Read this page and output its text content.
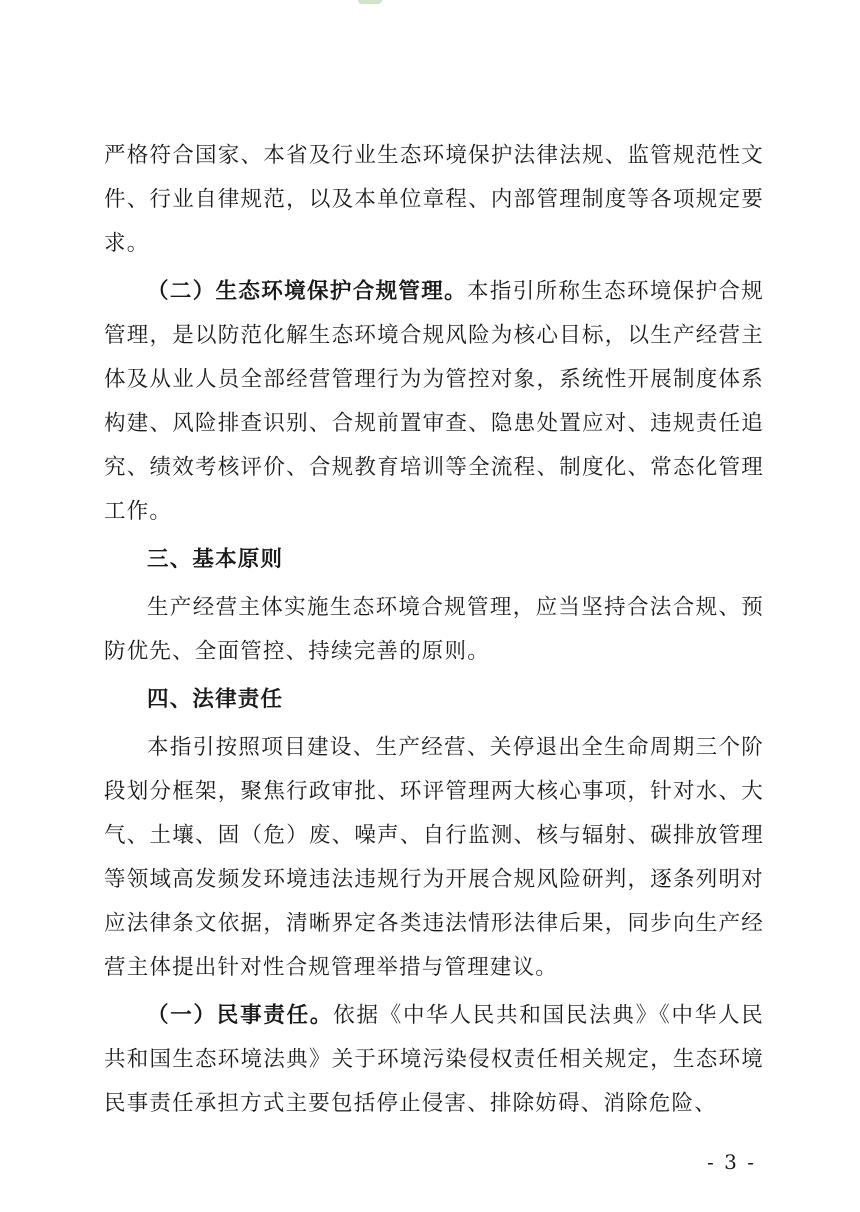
严格符合国家、本省及行业生态环境保护法律法规、监管规范性文件、行业自律规范，以及本单位章程、内部管理制度等各项规定要求。

（二）生态环境保护合规管理。本指引所称生态环境保护合规管理，是以防范化解生态环境合规风险为核心目标，以生产经营主体及从业人员全部经营管理行为为管控对象，系统性开展制度体系构建、风险排查识别、合规前置审查、隐患处置应对、违规责任追究、绩效考核评价、合规教育培训等全流程、制度化、常态化管理工作。

三、基本原则

生产经营主体实施生态环境合规管理，应当坚持合法合规、预防优先、全面管控、持续完善的原则。

四、法律责任

本指引按照项目建设、生产经营、关停退出全生命周期三个阶段划分框架，聚焦行政审批、环评管理两大核心事项，针对水、大气、土壤、固（危）废、噪声、自行监测、核与辐射、碳排放管理等领域高发频发环境违法违规行为开展合规风险研判，逐条列明对应法律条文依据，清晰界定各类违法情形法律后果，同步向生产经营主体提出针对性合规管理举措与管理建议。

（一）民事责任。依据《中华人民共和国民法典》《中华人民共和国生态环境法典》关于环境污染侵权责任相关规定，生态环境民事责任承担方式主要包括停止侵害、排除妨碍、消除危险、

- 3 -
